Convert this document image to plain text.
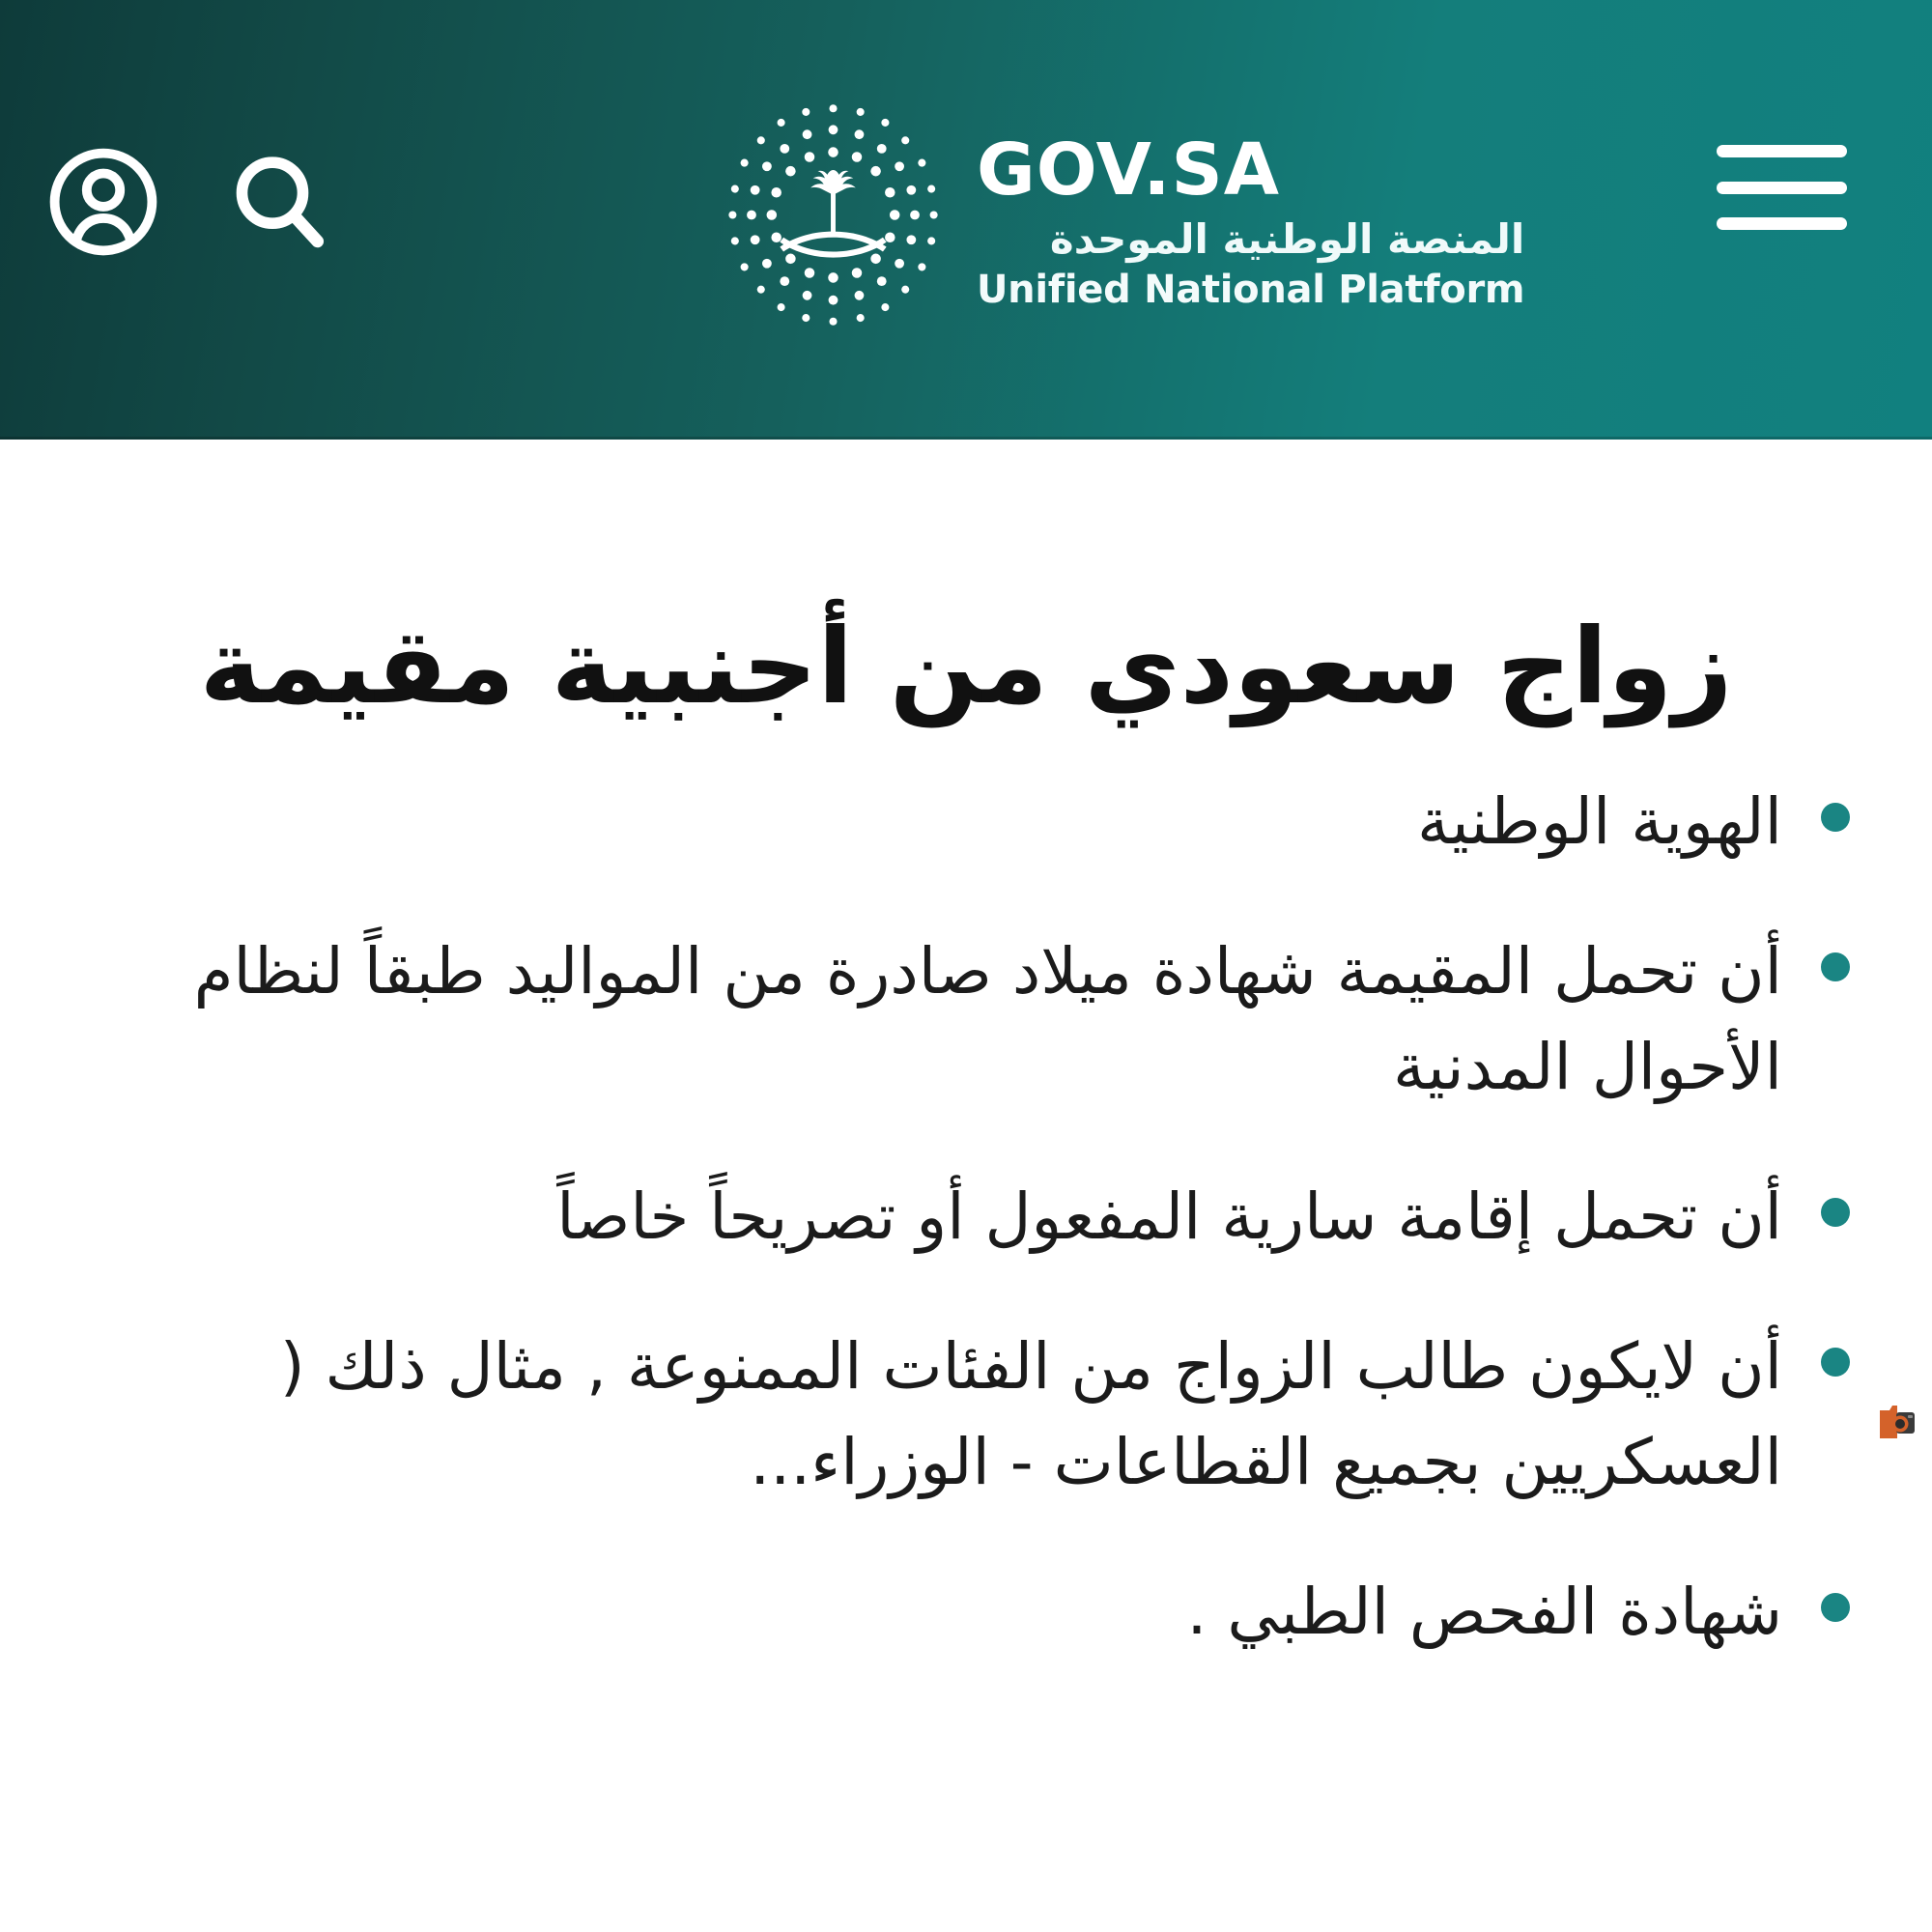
GOV.SA
المنصة الوطنية الموحدة
Unified National Platform
زواج سعودي من أجنبية مقيمة
الهوية الوطنية
أن تحمل المقيمة شهادة ميلاد صادرة من المواليد طبقاً لنظام الأحوال المدنية
أن تحمل إقامة سارية المفعول أو تصريحاً خاصاً
أن لايكون طالب الزواج من الفئات الممنوعة , مثال ذلك ( العسكريين بجميع القطاعات - الوزراء...
شهادة الفحص الطبي .
